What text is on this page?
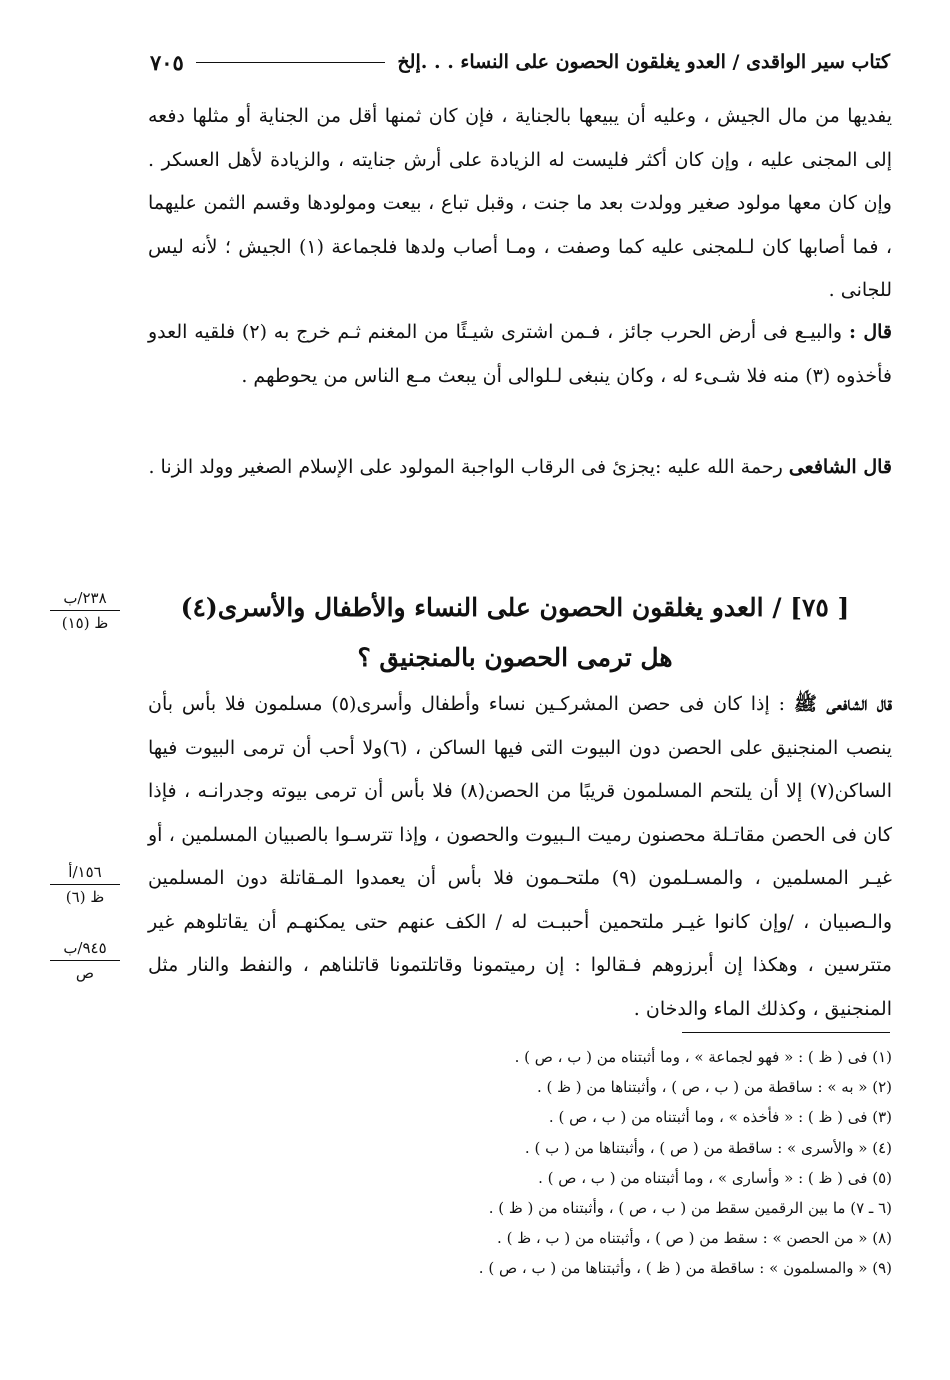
كتاب سير الواقدى / العدو يغلقون الحصون على النساء . . .إلخ
٧٠٥

يفديها من مال الجيش ، وعليه أن يبيعها بالجناية ، فإن كان ثمنها أقل من الجناية أو مثلها دفعه إلى المجنى عليه ، وإن كان أكثر فليست له الزيادة على أرش جنايته ، والزيادة لأهل العسكر . وإن كان معها مولود صغير وولدت بعد ما جنت ، وقبل تباع ، بيعت ومولودها وقسم الثمن عليهما ، فما أصابها كان لـلمجنى عليه كما وصفت ، ومـا أصاب ولدها فلجماعة (١) الجيش ؛ لأنه ليس للجانى .

قال : والبيـع فى أرض الحرب جائز ، فـمن اشترى شيـئًا من المغنم ثـم خرج به (٢) فلقيه العدو فأخذوه (٣) منه فلا شـىء له ، وكان ينبغى لـلوالى أن يبعث مـع الناس من يحوطهم .

قال الشافعى رحمة الله عليه :يجزئ فى الرقاب الواجبة المولود على الإسلام الصغير وولد الزنا .

[ ٧٥] / العدو يغلقون الحصون على النساء والأطفال والأسرى(٤)
هل ترمى الحصون بالمنجنيق ؟

قال الشافعى ﷺ : إذا كان فى حصن المشركـين نساء وأطفال وأسرى(٥) مسلمون فلا بأس بأن ينصب المنجنيق على الحصن دون البيوت التى فيها الساكن ، (٦)ولا أحب أن ترمى البيوت فيها الساكن(٧) إلا أن يلتحم المسلمون قريبًا من الحصن(٨) فلا بأس أن ترمى بيوته وجدرانـه ، فإذا كان فى الحصن مقاتـلة محصنون رميت الـبيوت والحصون ، وإذا تترسـوا بالصبيان المسلمين ، أو غيـر المسلمين ، والمسـلمون (٩) ملتحـمون فلا بأس أن يعمدوا المـقاتلة دون المسلمين والـصبيان ، /وإن كانوا غيـر ملتحمين أحببـت له / الكف عنهم حتى يمكنهـم أن يقاتلوهم غير متترسين ، وهكذا إن أبرزوهم فـقالوا : إن رميتمونا وقاتلتمونا قاتلناهم ، والنفط والنار مثل المنجنيق ، وكذلك الماء والدخان .

٢٣٨/ب
ظ (١٥)
١٥٦/أ
ظ (٦)
٩٤٥/ب
ص
(١) فى ( ظ ) : « فهو لجماعة » ، وما أثبتناه من ( ب ، ص ) .
(٢) « به » : ساقطة من ( ب ، ص ) ، وأثبتناها من ( ظ ) .
(٣) فى ( ظ ) : « فأخذه » ، وما أثبتناه من ( ب ، ص ) .
(٤) « والأسرى » : ساقطة من ( ص ) ، وأثبتناها من ( ب ) .
(٥) فى ( ظ ) : « وأسارى » ، وما أثبتناه من ( ب ، ص ) .
(٦ ـ ٧) ما بين الرقمين سقط من ( ب ، ص ) ، وأثبتناه من ( ظ ) .
(٨) « من الحصن » : سقط من ( ص ) ، وأثبتناه من ( ب ، ظ ) .
(٩) « والمسلمون » : ساقطة من ( ظ ) ، وأثبتناها من ( ب ، ص ) .
